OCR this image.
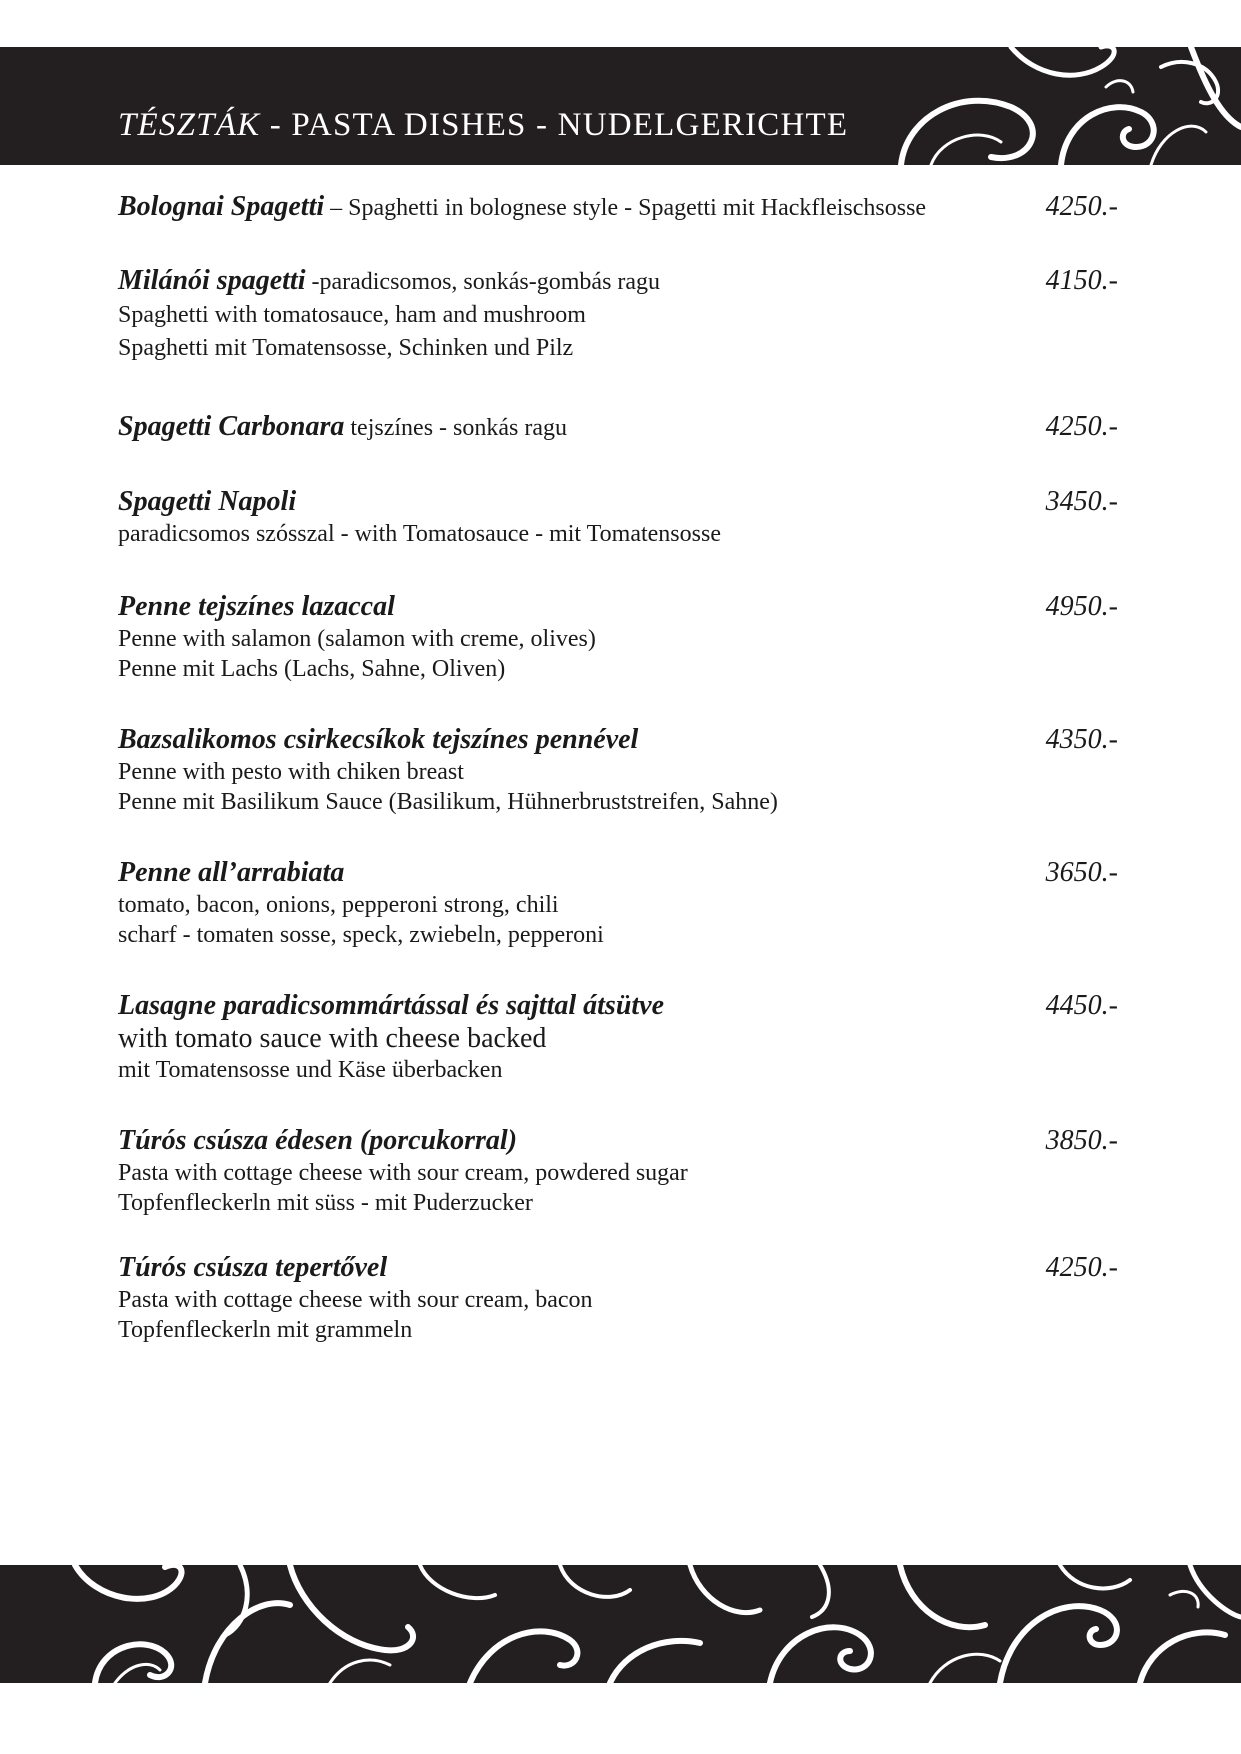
TÉSZTÁK - PASTA DISHES - NUDELGERICHTE
Bolognai Spagetti – Spaghetti in bolognese style - Spagetti mit Hackfleischsosse	4250.-
Milánói spagetti -paradicsomos, sonkás-gombás ragu
Spaghetti with tomatosauce, ham and mushroom
Spaghetti mit Tomatensosse, Schinken und Pilz
4150.-
Spagetti Carbonara tejszínes - sonkás ragu	4250.-
Spagetti Napoli
paradicsomos szósszal - with Tomatosauce - mit Tomatensosse
3450.-
Penne tejszínes lazaccal
Penne with salamon (salamon with creme, olives)
Penne mit Lachs (Lachs, Sahne, Oliven)
4950.-
Bazsalikomos csirkecsíkok tejszínes pennével
Penne with pesto with chiken breast
Penne mit Basilikum Sauce (Basilikum, Hühnerbruststreifen, Sahne)
4350.-
Penne all’arrabiata
tomato, bacon, onions, pepperoni strong, chili
scharf - tomaten sosse, speck, zwiebeln, pepperoni
3650.-
Lasagne paradicsommártással és sajttal átsütve
with tomato sauce with cheese backed
mit Tomatensosse und Käse überbacken
4450.-
Túrós csúsza édesen (porcukorral)
Pasta with cottage cheese with sour cream, powdered sugar
Topfenfleckerln mit süss - mit Puderzucker
3850.-
Túrós csúsza tepertővel
Pasta with cottage cheese with sour cream, bacon
Topfenfleckerln mit grammeln
4250.-
